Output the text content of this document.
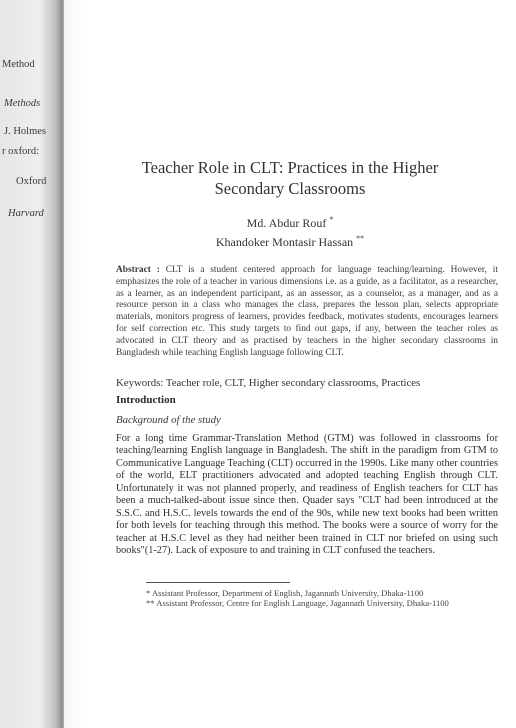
Method
Methods
J. Holmes
r oxford:
Oxford
Harvard
Teacher Role in CLT: Practices in the Higher
Secondary Classrooms
Md. Abdur Rouf *
Khandoker Montasir Hassan **
Abstract : CLT is a student centered approach for language teaching/learning. However, it emphasizes the role of a teacher in various dimensions i.e. as a guide, as a facilitator, as a researcher, as a learner, as an independent participant, as an assessor, as a counselor, as a manager, and as a resource person in a class who manages the class, prepares the lesson plan, selects appropriate materials, monitors progress of learners, provides feedback, motivates students, encourages learners for self correction etc. This study targets to find out gaps, if any, between the teacher roles as advocated in CLT theory and as practised by teachers in the higher secondary classrooms in Bangladesh while teaching English language following CLT.
Keywords: Teacher role, CLT, Higher secondary classrooms, Practices
Introduction
Background of the study
For a long time Grammar-Translation Method (GTM) was followed in classrooms for teaching/learning English language in Bangladesh. The shift in the paradigm from GTM to Communicative Language Teaching (CLT) occurred in the 1990s. Like many other countries of the world, ELT practitioners advocated and adopted teaching English through CLT. Unfortunately it was not planned properly, and readiness of English teachers for CLT has been a much-talked-about issue since then. Quader says "CLT had been introduced at the S.S.C. and H.S.C. levels towards the end of the 90s, while new text books had been written for both levels for teaching through this method. The books were a source of worry for the teacher at H.S.C level as they had neither been trained in CLT nor briefed on using such books"(1-27). Lack of exposure to and training in CLT confused the teachers.
* Assistant Professor, Department of English, Jagannath University, Dhaka-1100
** Assistant Professor, Centre for English Language, Jagannath University, Dhaka-1100
